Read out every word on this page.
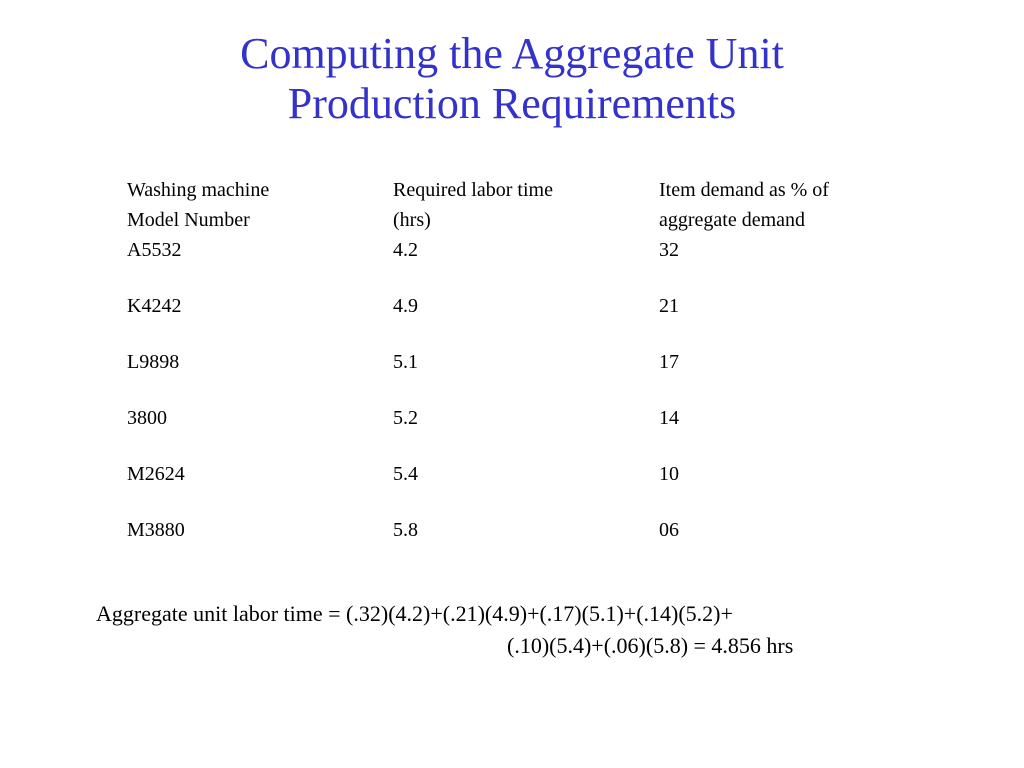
Computing the Aggregate Unit
Production Requirements
Washing machine	Required labor time	Item demand as % of
Model Number	(hrs)	aggregate demand
A5532	4.2	32
K4242	4.9	21
L9898	5.1	17
3800	5.2	14
M2624	5.4	10
M3880	5.8	06
Aggregate unit labor time = (.32)(4.2)+(.21)(4.9)+(.17)(5.1)+(.14)(5.2)+
(.10)(5.4)+(.06)(5.8) = 4.856 hrs
